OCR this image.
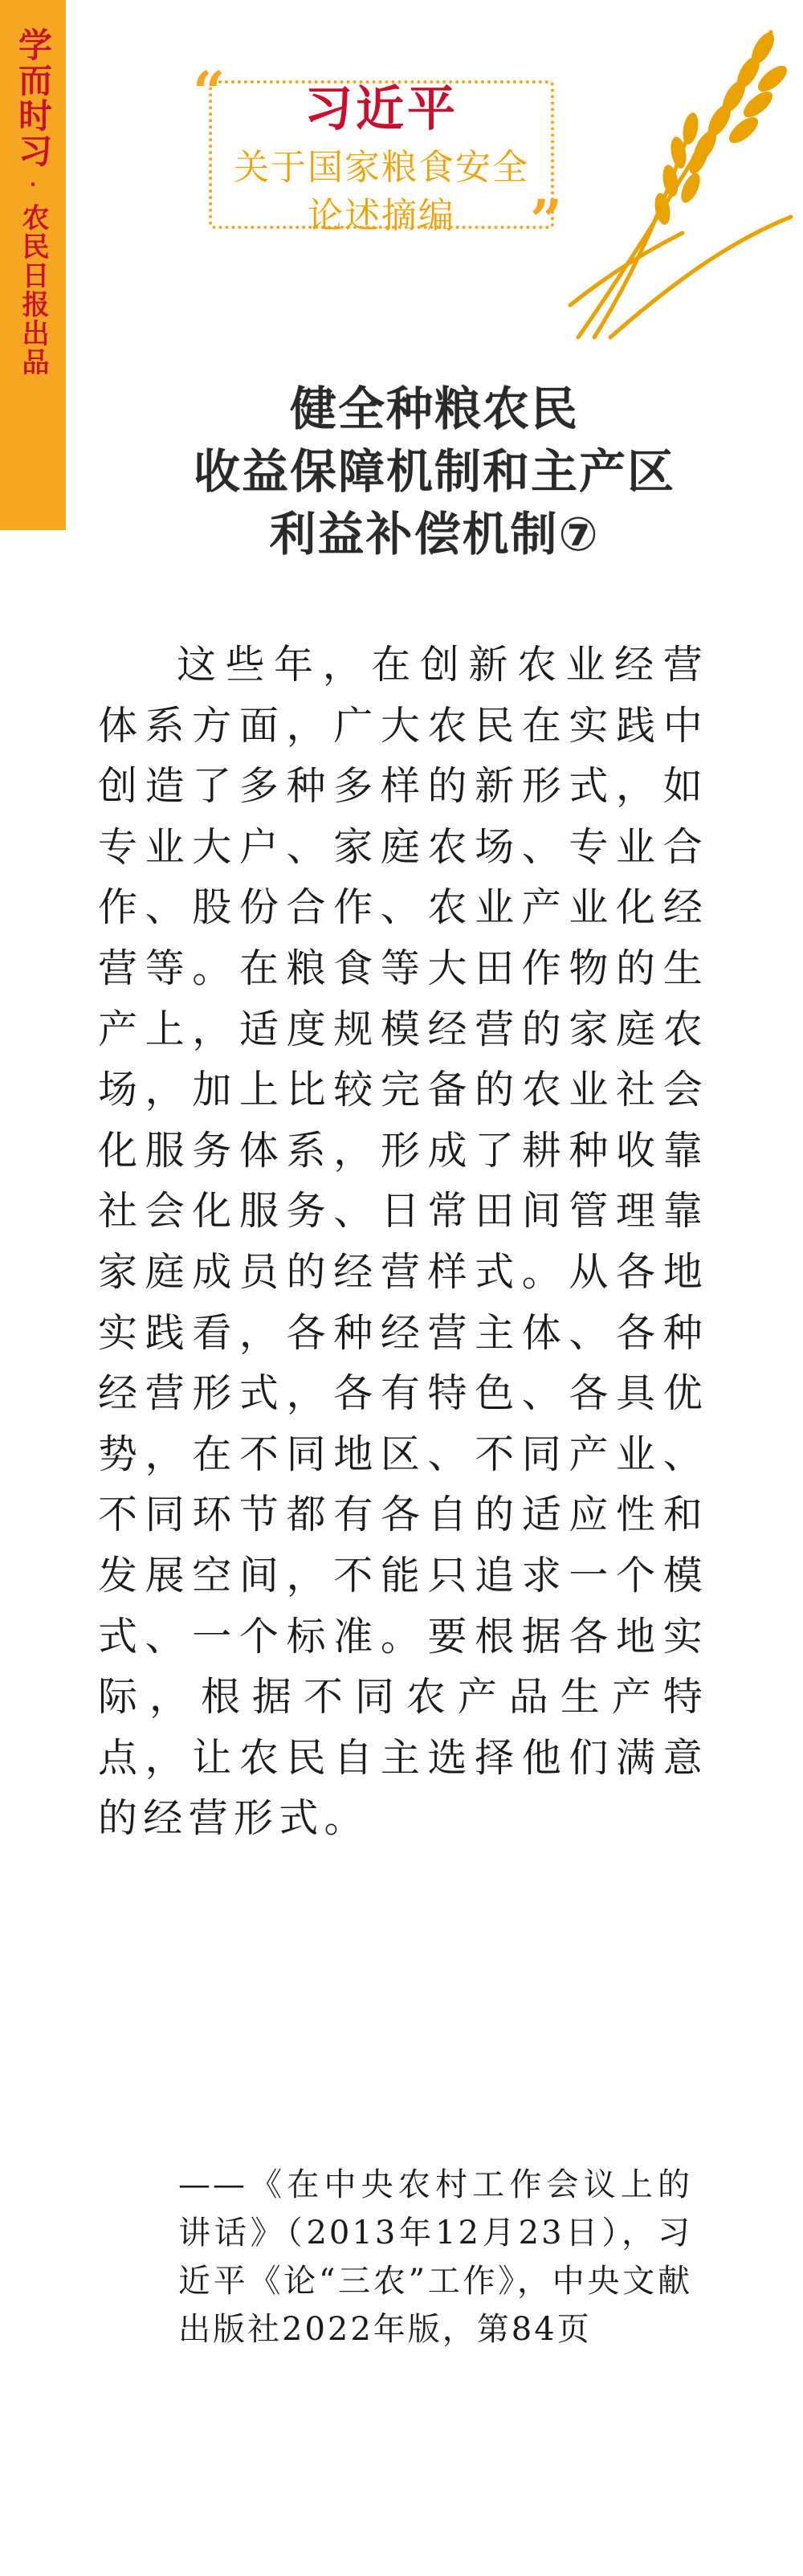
学而时习
·
农民日报出品
“
”
习近平
关于国家粮食安全
论述摘编
健全种粮农民
收益保障机制和主产区
利益补偿机制⑦
这些年，在创新农业经营体系方面，广大农民在实践中创造了多种多样的新形式，如专业大户、家庭农场、专业合作、股份合作、农业产业化经营等。在粮食等大田作物的生产上，适度规模经营的家庭农场，加上比较完备的农业社会化服务体系，形成了耕种收靠社会化服务、日常田间管理靠家庭成员的经营样式。从各地实践看，各种经营主体、各种经营形式，各有特色、各具优势，在不同地区、不同产业、不同环节都有各自的适应性和发展空间，不能只追求一个模式、一个标准。要根据各地实际，根据不同农产品生产特点，让农民自主选择他们满意的经营形式。
——《在中央农村工作会议上的讲话》（2013年12月23日），习近平《论“三农”工作》，中央文献出版社2022年版，第84页
